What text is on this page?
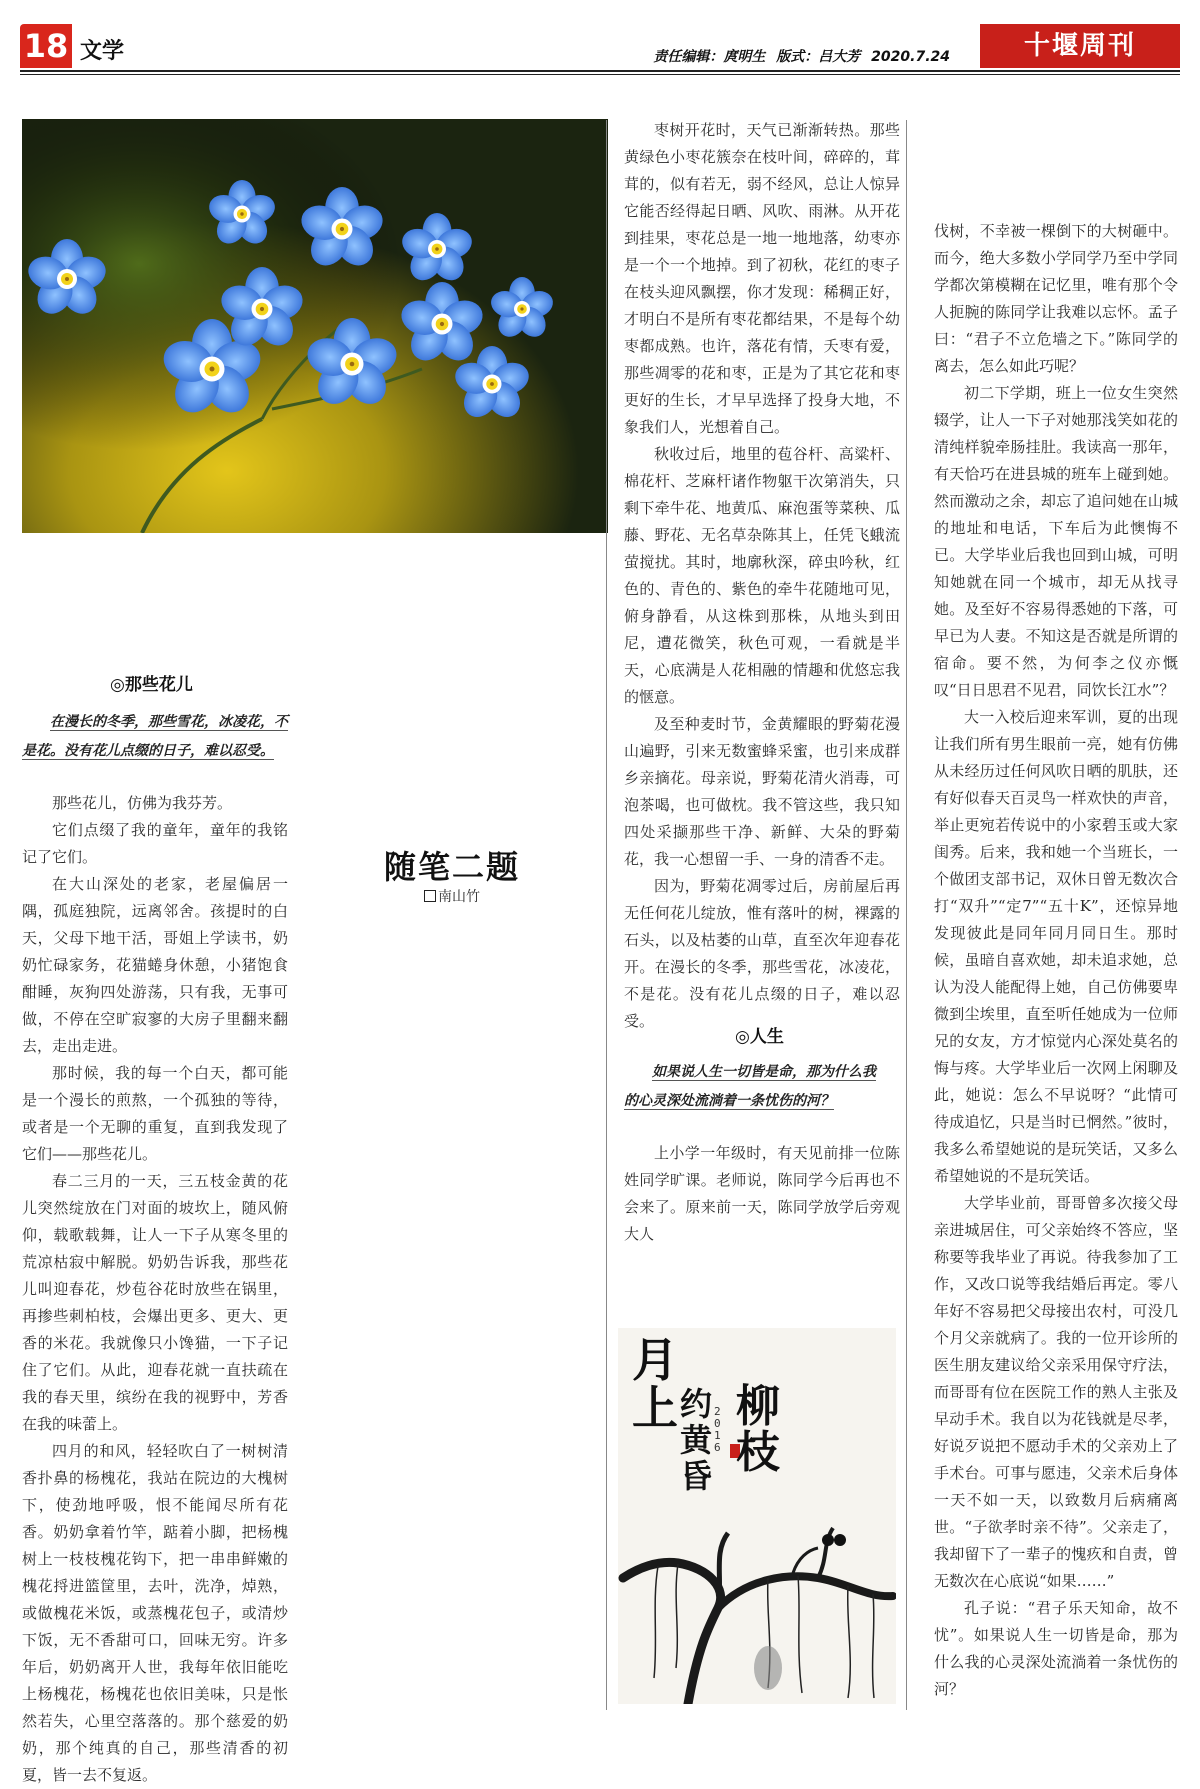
18 文学	责任编辑：庹明生 版式：吕大芳 2020.7.24	十堰周刊
随笔二题
南山竹
◎那些花儿
在漫长的冬季，那些雪花，冰凌花，不
是花。没有花儿点缀的日子，难以忍受。

那些花儿，仿佛为我芬芳。

它们点缀了我的童年，童年的我铭记了它们。

在大山深处的老家，老屋偏居一隅，孤庭独院，远离邻舍。孩提时的白天，父母下地干活，哥姐上学读书，奶奶忙碌家务，花猫蜷身休憩，小猪饱食酣睡，灰狗四处游荡，只有我，无事可做，不停在空旷寂寥的大房子里翻来翻去，走出走进。

那时候，我的每一个白天，都可能是一个漫长的煎熬，一个孤独的等待，或者是一个无聊的重复，直到我发现了它们——那些花儿。

春二三月的一天，三五枝金黄的花儿突然绽放在门对面的坡坎上，随风俯仰，载歌载舞，让人一下子从寒冬里的荒凉枯寂中解脱。奶奶告诉我，那些花儿叫迎春花，炒苞谷花时放些在锅里，再掺些刺柏枝，会爆出更多、更大、更香的米花。我就像只小馋猫，一下子记住了它们。从此，迎春花就一直扶疏在我的春天里，缤纷在我的视野中，芳香在我的味蕾上。

四月的和风，轻轻吹白了一树树清香扑鼻的杨槐花，我站在院边的大槐树下，使劲地呼吸，恨不能闻尽所有花香。奶奶拿着竹竿，踮着小脚，把杨槐树上一枝枝槐花钩下，把一串串鲜嫩的槐花捋进篮筐里，去叶，洗净，焯熟，或做槐花米饭，或蒸槐花包子，或清炒下饭，无不香甜可口，回味无穷。许多年后，奶奶离开人世，我每年依旧能吃上杨槐花，杨槐花也依旧美味，只是怅然若失，心里空落落的。那个慈爱的奶奶，那个纯真的自己，那些清香的初夏，皆一去不复返。

枣树开花时，天气已渐渐转热。那些黄绿色小枣花簇奈在枝叶间，碎碎的，茸茸的，似有若无，弱不经风，总让人惊异它能否经得起日晒、风吹、雨淋。从开花到挂果，枣花总是一地一地地落，幼枣亦是一个一个地掉。到了初秋，花红的枣子在枝头迎风飘摆，你才发现：稀稠正好，才明白不是所有枣花都结果，不是每个幼枣都成熟。也许，落花有情，夭枣有爱，那些凋零的花和枣，正是为了其它花和枣更好的生长，才早早选择了投身大地，不象我们人，光想着自己。

秋收过后，地里的苞谷杆、高粱杆、棉花杆、芝麻杆诸作物躯干次第消失，只剩下牵牛花、地黄瓜、麻泡蛋等菜秧、瓜藤、野花、无名草杂陈其上，任凭飞蛾流萤搅扰。其时，地廓秋深，碎虫吟秋，红色的、青色的、紫色的牵牛花随地可见，俯身静看，从这株到那株，从地头到田尼，遭花微笑，秋色可观，一看就是半天，心底满是人花相融的情趣和优悠忘我的惬意。

及至种麦时节，金黄耀眼的野菊花漫山遍野，引来无数蜜蜂采蜜，也引来成群乡亲摘花。母亲说，野菊花清火消毒，可泡茶喝，也可做枕。我不管这些，我只知四处采撷那些干净、新鲜、大朵的野菊花，我一心想留一手、一身的清香不走。

因为，野菊花凋零过后，房前屋后再无任何花儿绽放，惟有落叶的树，裸露的石头，以及枯萎的山草，直至次年迎春花开。在漫长的冬季，那些雪花，冰凌花，不是花。没有花儿点缀的日子，难以忍受。

◎人生
如果说人生一切皆是命，那为什么我
的心灵深处流淌着一条忧伤的河？

上小学一年级时，有天见前排一位陈姓同学旷课。老师说，陈同学今后再也不会来了。原来前一天，陈同学放学后旁观大人

月上 柳枝
约黄昏
2016

伐树，不幸被一棵倒下的大树砸中。而今，绝大多数小学同学乃至中学同学都次第模糊在记忆里，唯有那个令人扼腕的陈同学让我难以忘怀。孟子曰：“君子不立危墙之下。”陈同学的离去，怎么如此巧呢？

初二下学期，班上一位女生突然辍学，让人一下子对她那浅笑如花的清纯样貌牵肠挂肚。我读高一那年，有天恰巧在进县城的班车上碰到她。然而激动之余，却忘了追问她在山城的地址和电话，下车后为此懊悔不已。大学毕业后我也回到山城，可明知她就在同一个城市，却无从找寻她。及至好不容易得悉她的下落，可早已为人妻。不知这是否就是所谓的宿命。要不然，为何李之仪亦慨叹“日日思君不见君，同饮长江水”？

大一入校后迎来军训，夏的出现让我们所有男生眼前一亮，她有仿佛从未经历过任何风吹日晒的肌肤，还有好似春天百灵鸟一样欢快的声音，举止更宛若传说中的小家碧玉或大家闺秀。后来，我和她一个当班长，一个做团支部书记，双休日曾无数次合打“双升”“定7”“五十K”，还惊异地发现彼此是同年同月同日生。那时候，虽暗自喜欢她，却未追求她，总认为没人能配得上她，自己仿佛要卑微到尘埃里，直至听任她成为一位师兄的女友，方才惊觉内心深处莫名的悔与疼。大学毕业后一次网上闲聊及此，她说：怎么不早说呀？“此情可待成追忆，只是当时已惘然。”彼时，我多么希望她说的是玩笑话，又多么希望她说的不是玩笑话。

大学毕业前，哥哥曾多次接父母亲进城居住，可父亲始终不答应，坚称要等我毕业了再说。待我参加了工作，又改口说等我结婚后再定。零八年好不容易把父母接出农村，可没几个月父亲就病了。我的一位开诊所的医生朋友建议给父亲采用保守疗法，而哥哥有位在医院工作的熟人主张及早动手术。我自以为花钱就是尽孝，好说歹说把不愿动手术的父亲劝上了手术台。可事与愿违，父亲术后身体一天不如一天，以致数月后病痛离世。“子欲孝时亲不待”。父亲走了，我却留下了一辈子的愧疚和自责，曾无数次在心底说“如果……”

孔子说：“君子乐天知命，故不忧”。如果说人生一切皆是命，那为什么我的心灵深处流淌着一条忧伤的河？
